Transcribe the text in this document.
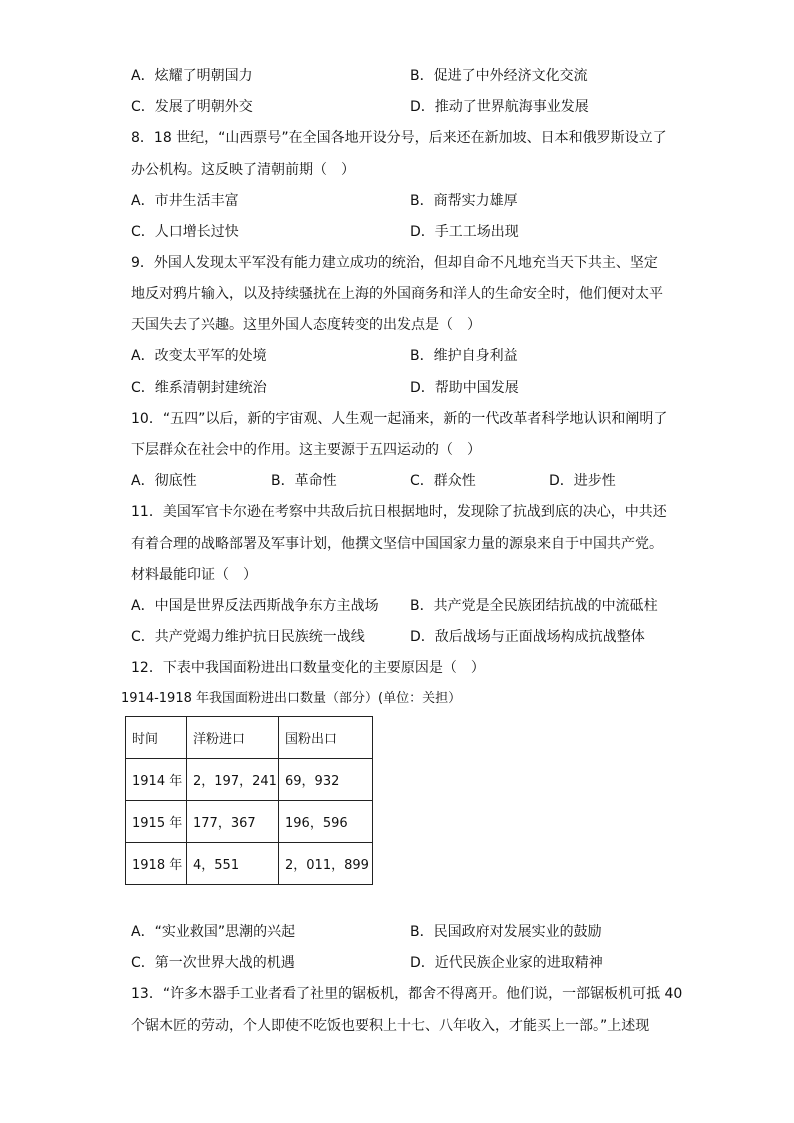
A．炫耀了明朝国力	B．促进了中外经济文化交流
C．发展了明朝外交	D．推动了世界航海事业发展
8．18 世纪，“山西票号”在全国各地开设分号，后来还在新加坡、日本和俄罗斯设立了
办公机构。这反映了清朝前期（　）
A．市井生活丰富	B．商帮实力雄厚
C．人口增长过快	D．手工工场出现
9．外国人发现太平军没有能力建立成功的统治，但却自命不凡地充当天下共主、坚定
地反对鸦片输入，以及持续骚扰在上海的外国商务和洋人的生命安全时，他们便对太平
天国失去了兴趣。这里外国人态度转变的出发点是（　）
A．改变太平军的处境	B．维护自身利益
C．维系清朝封建统治	D．帮助中国发展
10．“五四”以后，新的宇宙观、人生观一起涌来，新的一代改革者科学地认识和阐明了
下层群众在社会中的作用。这主要源于五四运动的（　）
A．彻底性	B．革命性	C．群众性	D．进步性
11．美国军官卡尔逊在考察中共敌后抗日根据地时，发现除了抗战到底的决心，中共还
有着合理的战略部署及军事计划，他撰文坚信中国国家力量的源泉来自于中国共产党。
材料最能印证（　）
A．中国是世界反法西斯战争东方主战场 B．共产党是全民族团结抗战的中流砥柱
C．共产党竭力维护抗日民族统一战线	D．敌后战场与正面战场构成抗战整体
12．下表中我国面粉进出口数量变化的主要原因是（　）
1914-1918 年我国面粉进出口数量（部分）(单位：关担）
时间	洋粉进口	国粉出口
1914 年	2，197，241	69，932
1915 年	177，367	196，596
1918 年	4，551	2，011，899
A．“实业救国”思潮的兴起	B．民国政府对发展实业的鼓励
C．第一次世界大战的机遇	D．近代民族企业家的进取精神
13．“许多木器手工业者看了社里的锯板机，都舍不得离开。他们说，一部锯板机可抵 40
个锯木匠的劳动，个人即使不吃饭也要积上十七、八年收入，才能买上一部。”上述现
